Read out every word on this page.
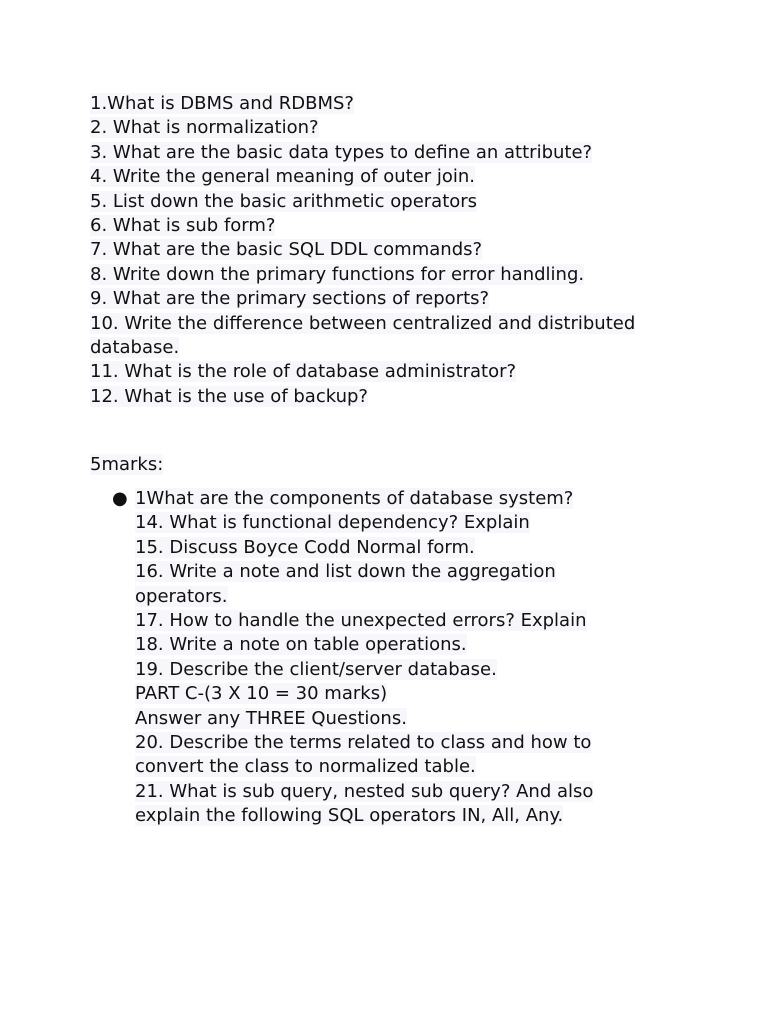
1.What is DBMS and RDBMS?
2. What is normalization?
3. What are the basic data types to define an attribute?
4. Write the general meaning of outer join.
5. List down the basic arithmetic operators
6. What is sub form?
7. What are the basic SQL DDL commands?
8. Write down the primary functions for error handling.
9. What are the primary sections of reports?
10. Write the difference between centralized and distributed
database.
11. What is the role of database administrator?
12. What is the use of backup?
5marks:
● 1What are the components of database system?
14. What is functional dependency? Explain
15. Discuss Boyce Codd Normal form.
16. Write a note and list down the aggregation
operators.
17. How to handle the unexpected errors? Explain
18. Write a note on table operations.
19. Describe the client/server database.
PART C-(3 X 10 = 30 marks)
Answer any THREE Questions.
20. Describe the terms related to class and how to
convert the class to normalized table.
21. What is sub query, nested sub query? And also
explain the following SQL operators IN, All, Any.
